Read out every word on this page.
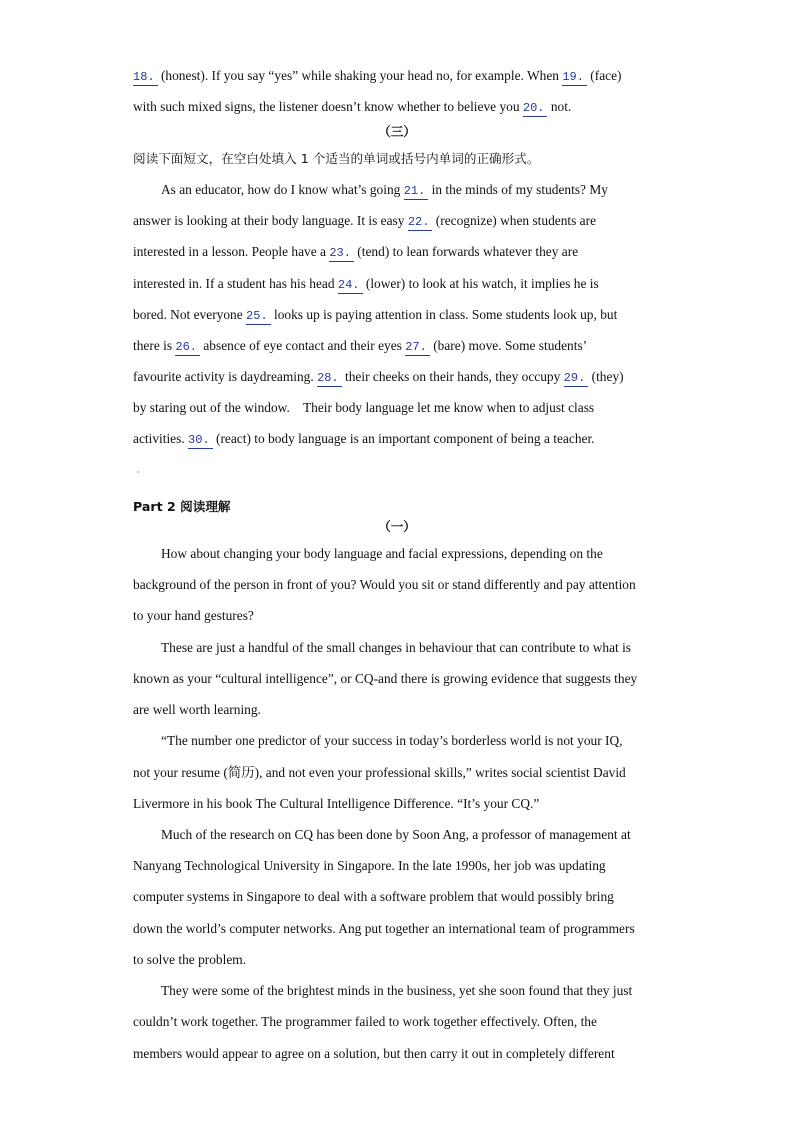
18. (honest). If you say “yes” while shaking your head no, for example. When 19. (face)
with such mixed signs, the listener doesn’t know whether to believe you 20. not.
（三）
阅读下面短文，在空白处填入 1 个适当的单词或括号内单词的正确形式。
As an educator, how do I know what’s going 21. in the minds of my students? My
answer is looking at their body language. It is easy 22. (recognize) when students are
interested in a lesson. People have a 23. (tend) to lean forwards whatever they are
interested in. If a student has his head 24. (lower) to look at his watch, it implies he is
bored. Not everyone 25. looks up is paying attention in class. Some students look up, but
there is 26. absence of eye contact and their eyes 27. (bare) move. Some students’
favourite activity is daydreaming. 28. their cheeks on their hands, they occupy 29. (they)
by staring out of the window.    Their body language let me know when to adjust class
activities. 30. (react) to body language is an important component of being a teacher.
Part 2 阅读理解
（一）
How about changing your body language and facial expressions, depending on the
background of the person in front of you? Would you sit or stand differently and pay attention
to your hand gestures?
These are just a handful of the small changes in behaviour that can contribute to what is
known as your “cultural intelligence”, or CQ-and there is growing evidence that suggests they
are well worth learning.
“The number one predictor of your success in today’s borderless world is not your IQ,
not your resume (简历), and not even your professional skills,” writes social scientist David
Livermore in his book The Cultural Intelligence Difference. “It’s your CQ.”
Much of the research on CQ has been done by Soon Ang, a professor of management at
Nanyang Technological University in Singapore. In the late 1990s, her job was updating
computer systems in Singapore to deal with a software problem that would possibly bring
down the world’s computer networks. Ang put together an international team of programmers
to solve the problem.
They were some of the brightest minds in the business, yet she soon found that they just
couldn’t work together. The programmer failed to work together effectively. Often, the
members would appear to agree on a solution, but then carry it out in completely different
